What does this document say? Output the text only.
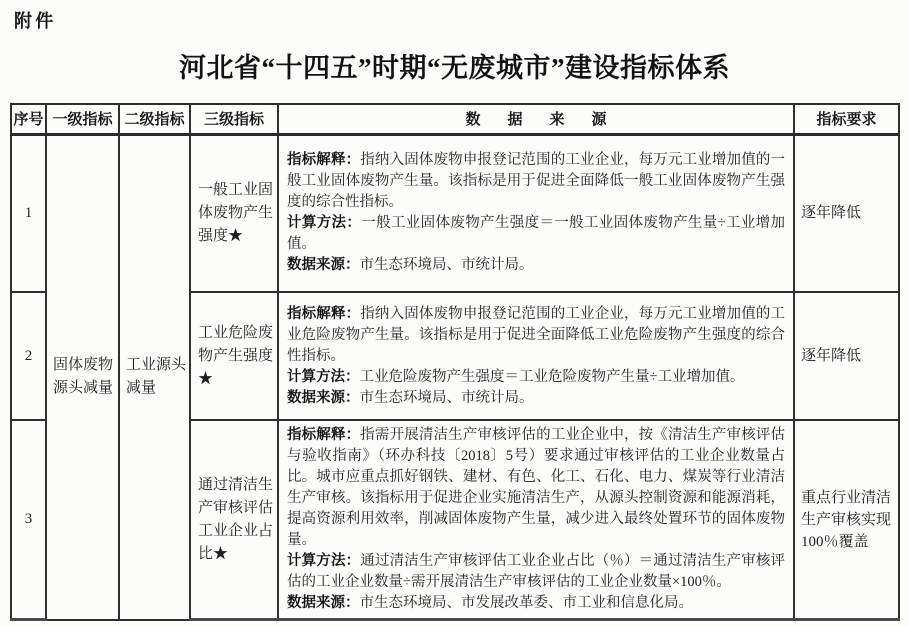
附件
河北省“十四五”时期“无废城市”建设指标体系
序号	一级指标	二级指标	三级指标	数据来源	指标要求
1	固体废物源头减量	工业源头减量	一般工业固体废物产生强度★	指标解释：指纳入固体废物申报登记范围的工业企业，每万元工业增加值的一般工业固体废物产生量。该指标是用于促进全面降低一般工业固体废物产生强度的综合性指标。

计算方法：一般工业固体废物产生强度＝一般工业固体废物产生量÷工业增加值。

数据来源：市生态环境局、市统计局。	逐年降低
2			工业危险废物产生强度★	指标解释：指纳入固体废物申报登记范围的工业企业，每万元工业增加值的工业危险废物产生量。该指标是用于促进全面降低工业危险废物产生强度的综合性指标。

计算方法：工业危险废物产生强度＝工业危险废物产生量÷工业增加值。

数据来源：市生态环境局、市统计局。	逐年降低
3			通过清洁生产审核评估工业企业占比★	指标解释：指需开展清洁生产审核评估的工业企业中，按《清洁生产审核评估与验收指南》（环办科技〔2018〕5号）要求通过审核评估的工业企业数量占比。城市应重点抓好钢铁、建材、有色、化工、石化、电力、煤炭等行业清洁生产审核。该指标用于促进企业实施清洁生产，从源头控制资源和能源消耗，提高资源利用效率，削减固体废物产生量，减少进入最终处置环节的固体废物量。

计算方法：通过清洁生产审核评估工业企业占比（％）＝通过清洁生产审核评估的工业企业数量÷需开展清洁生产审核评估的工业企业数量×100％。

数据来源：市生态环境局、市发展改革委、市工业和信息化局。	重点行业清洁生产审核实现100％覆盖
